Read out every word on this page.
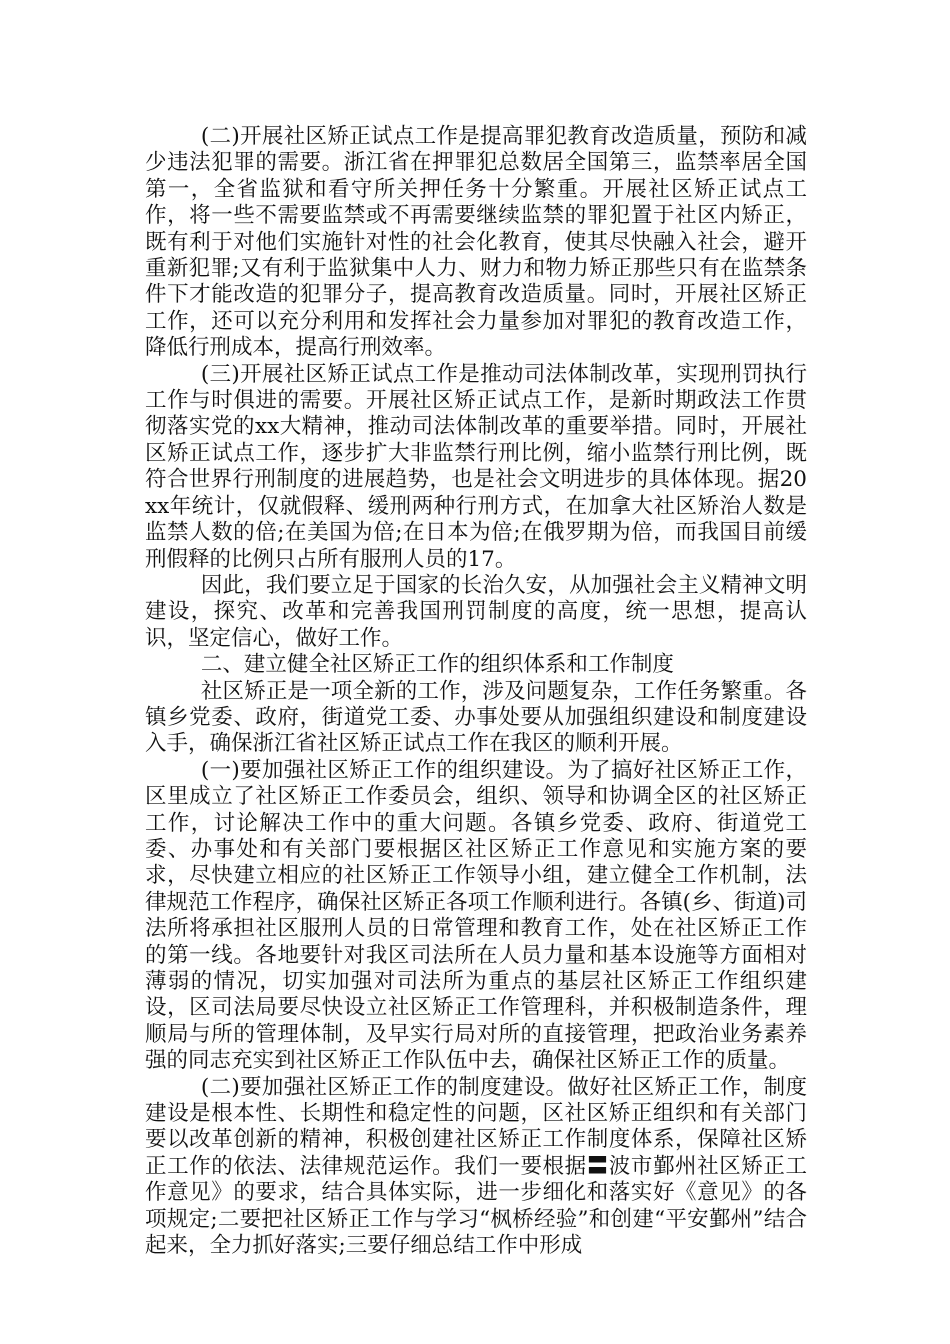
(二)开展社区矫正试点工作是提高罪犯教育改造质量，预防和减少违法犯罪的需要。浙江省在押罪犯总数居全国第三，监禁率居全国第一，全省监狱和看守所关押任务十分繁重。开展社区矫正试点工作，将一些不需要监禁或不再需要继续监禁的罪犯置于社区内矫正，既有利于对他们实施针对性的社会化教育，使其尽快融入社会，避开重新犯罪;又有利于监狱集中人力、财力和物力矫正那些只有在监禁条件下才能改造的犯罪分子，提高教育改造质量。同时，开展社区矫正工作，还可以充分利用和发挥社会力量参加对罪犯的教育改造工作，降低行刑成本，提高行刑效率。

(三)开展社区矫正试点工作是推动司法体制改革，实现刑罚执行工作与时俱进的需要。开展社区矫正试点工作，是新时期政法工作贯彻落实党的xx大精神，推动司法体制改革的重要举措。同时，开展社区矫正试点工作，逐步扩大非监禁行刑比例，缩小监禁行刑比例，既符合世界行刑制度的进展趋势，也是社会文明进步的具体体现。据20xx年统计，仅就假释、缓刑两种行刑方式，在加拿大社区矫治人数是监禁人数的倍;在美国为倍;在日本为倍;在俄罗期为倍，而我国目前缓刑假释的比例只占所有服刑人员的17。

因此，我们要立足于国家的长治久安，从加强社会主义精神文明建设，探究、改革和完善我国刑罚制度的高度，统一思想，提高认识，坚定信心，做好工作。

二、建立健全社区矫正工作的组织体系和工作制度

社区矫正是一项全新的工作，涉及问题复杂，工作任务繁重。各镇乡党委、政府，街道党工委、办事处要从加强组织建设和制度建设入手，确保浙江省社区矫正试点工作在我区的顺利开展。

(一)要加强社区矫正工作的组织建设。为了搞好社区矫正工作，区里成立了社区矫正工作委员会，组织、领导和协调全区的社区矫正工作，讨论解决工作中的重大问题。各镇乡党委、政府、街道党工委、办事处和有关部门要根据区社区矫正工作意见和实施方案的要求，尽快建立相应的社区矫正工作领导小组，建立健全工作机制，法律规范工作程序，确保社区矫正各项工作顺利进行。各镇(乡、街道)司法所将承担社区服刑人员的日常管理和教育工作，处在社区矫正工作的第一线。各地要针对我区司法所在人员力量和基本设施等方面相对薄弱的情况，切实加强对司法所为重点的基层社区矫正工作组织建设，区司法局要尽快设立社区矫正工作管理科，并积极制造条件，理顺局与所的管理体制，及早实行局对所的直接管理，把政治业务素养强的同志充实到社区矫正工作队伍中去，确保社区矫正工作的质量。

(二)要加强社区矫正工作的制度建设。做好社区矫正工作，制度建设是根本性、长期性和稳定性的问题，区社区矫正组织和有关部门要以改革创新的精神，积极创建社区矫正工作制度体系，保障社区矫正工作的依法、法律规范运作。我们一要根据〓波市鄞州社区矫正工作意见》的要求，结合具体实际，进一步细化和落实好《意见》的各项规定;二要把社区矫正工作与学习“枫桥经验”和创建“平安鄞州”结合起来，全力抓好落实;三要仔细总结工作中形成
